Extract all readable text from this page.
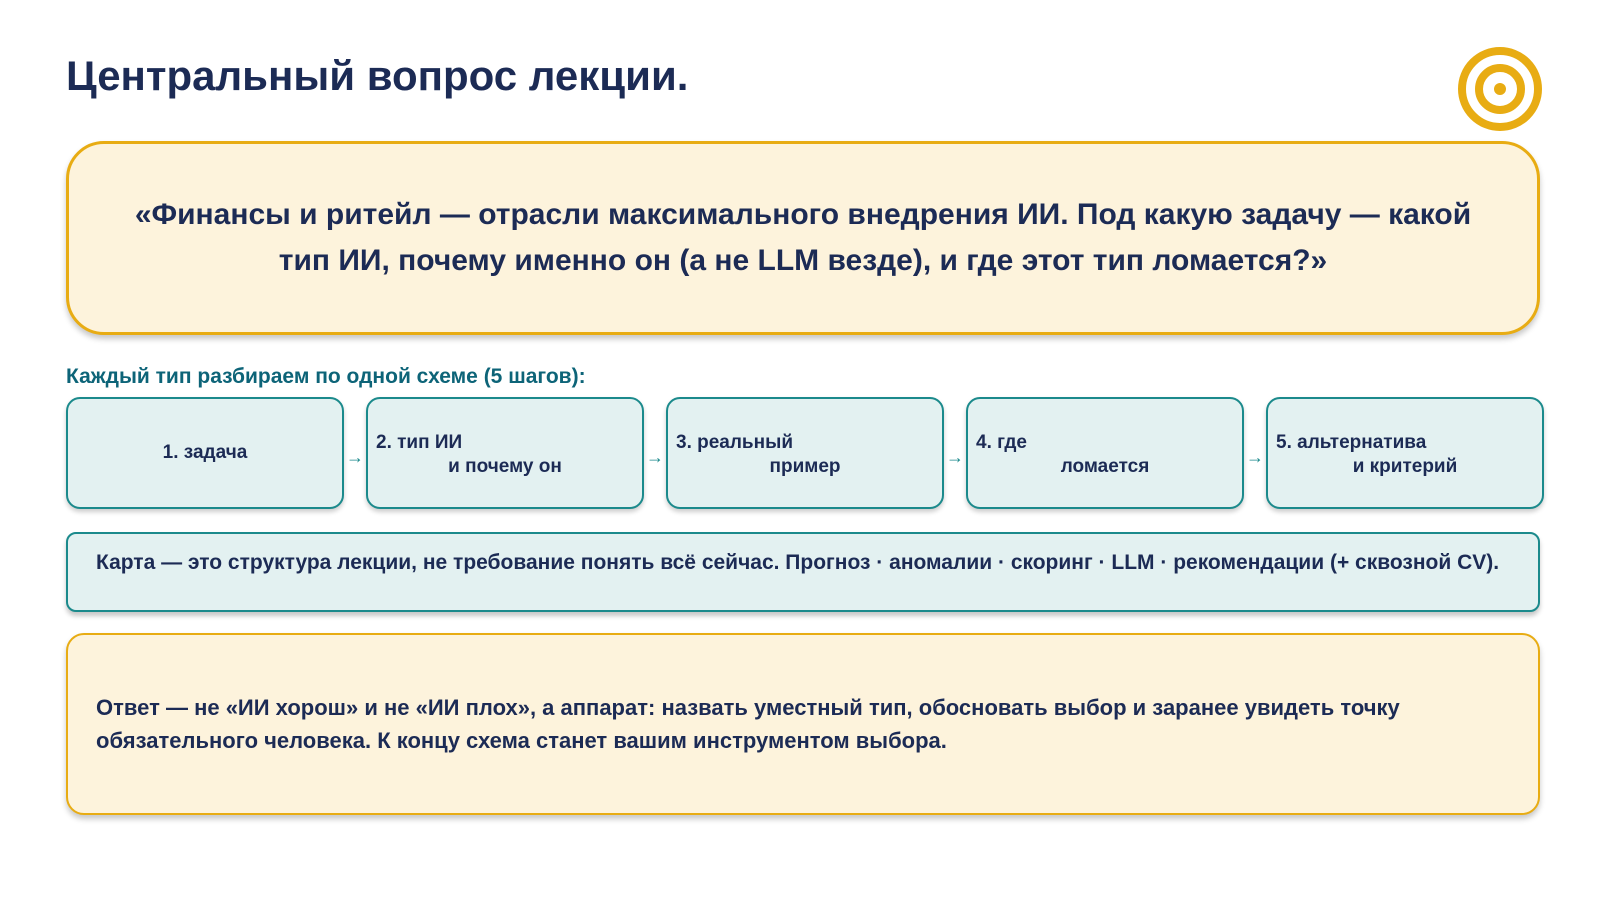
Центральный вопрос лекции.

«Финансы и ритейл — отрасли максимального внедрения ИИ. Под какую задачу — какой тип ИИ, почему именно он (а не LLM везде), и где этот тип ломается?»

Каждый тип разбираем по одной схеме (5 шагов):

1. задача	→
2. тип ИИ
и почему он	→
3. реальный
пример	→
4. где
ломается	→
5. альтернатива
и критерий

Карта — это структура лекции, не требование понять всё сейчас. Прогноз · аномалии · скоринг · LLM · рекомендации (+ сквозной CV).

Ответ — не «ИИ хорош» и не «ИИ плох», а аппарат: назвать уместный тип, обосновать выбор и заранее увидеть точку обязательного человека. К концу схема станет вашим инструментом выбора.
